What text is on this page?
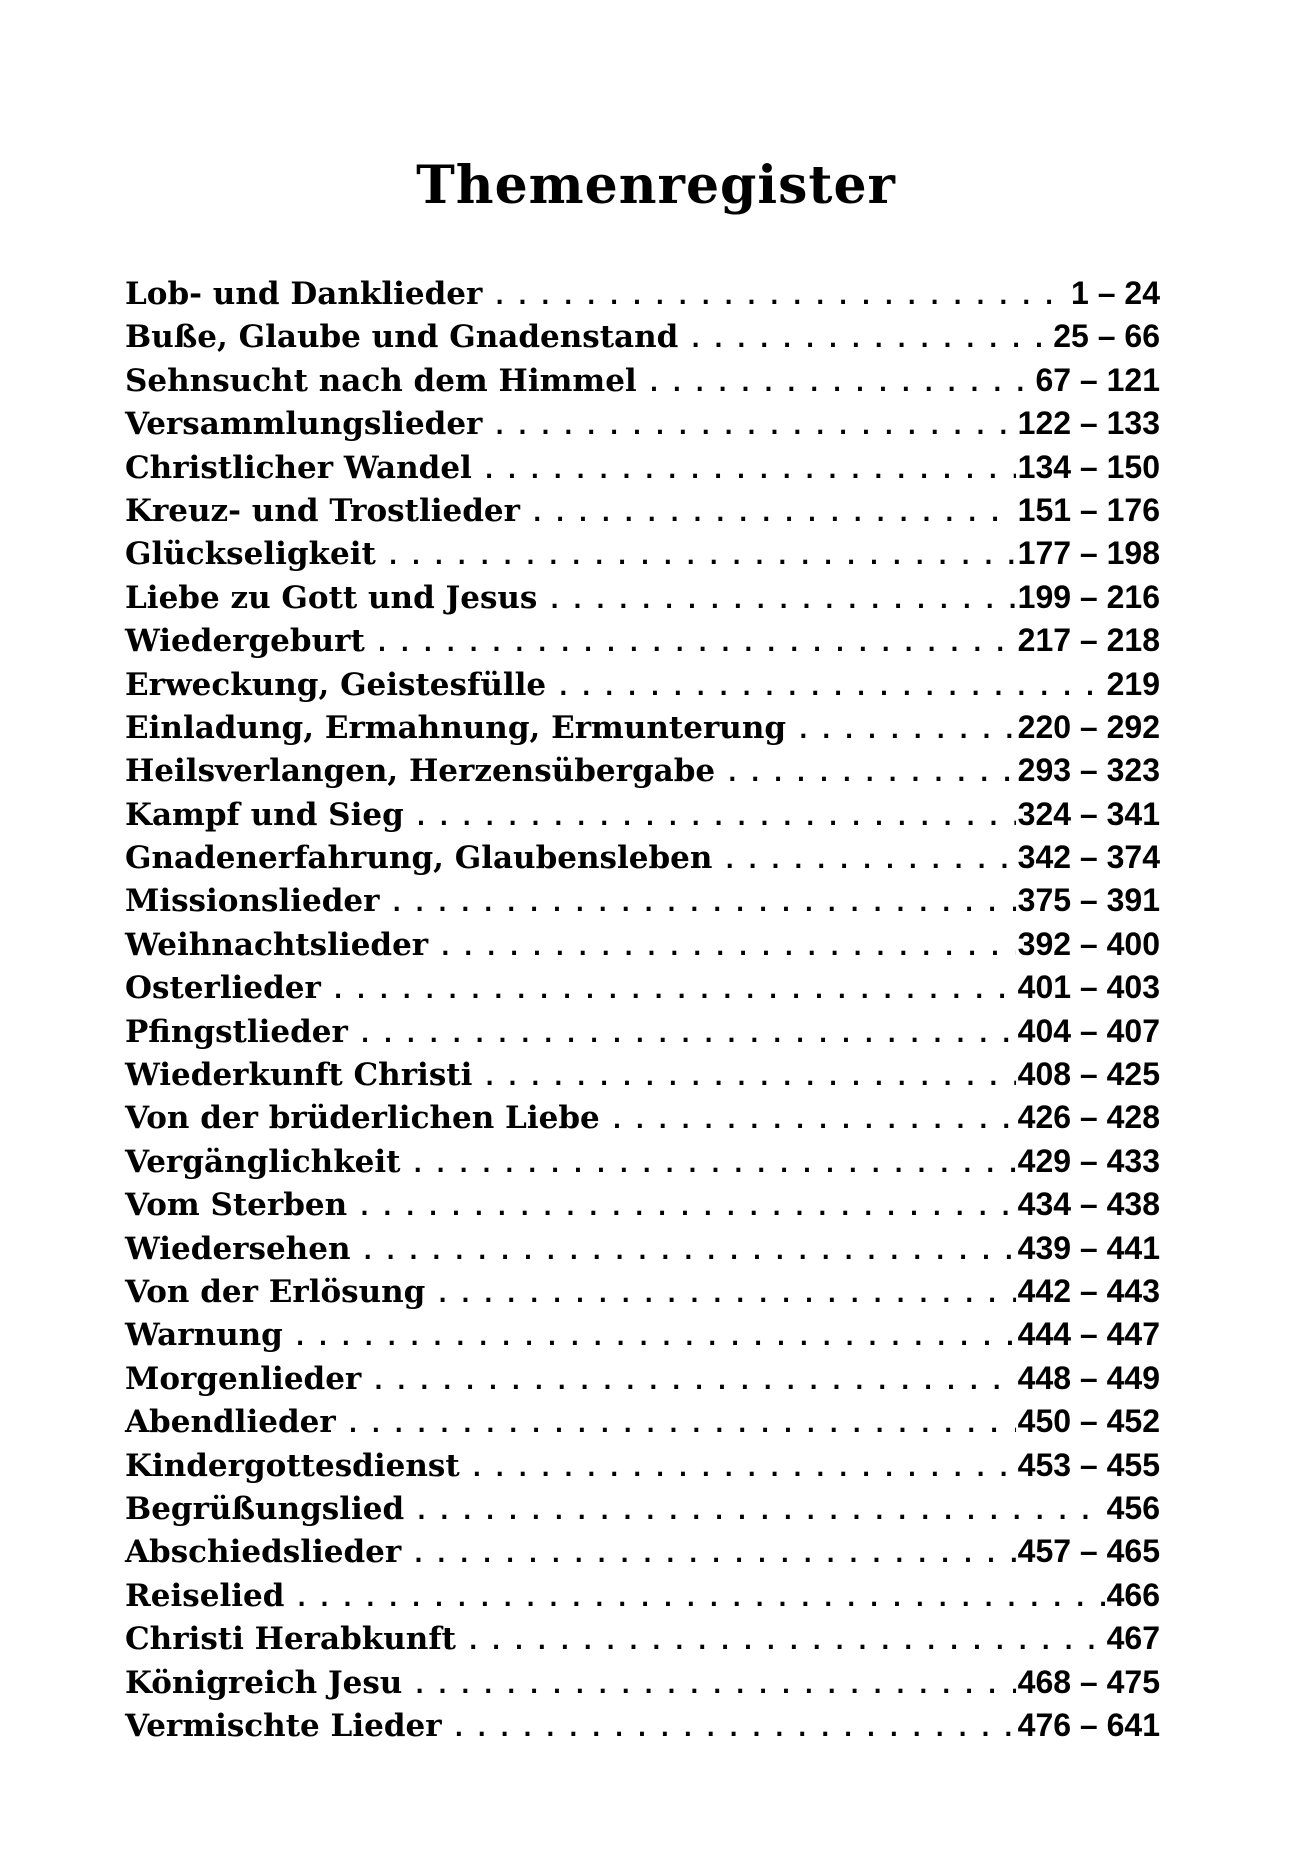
Themenregister
Lob- und Danklieder . . .	1 – 24
Buße, Glaube und Gnadenstand . . .	25 – 66
Sehnsucht nach dem Himmel . . .	67 – 121
Versammlungslieder . . .	122 – 133
Christlicher Wandel . . .	134 – 150
Kreuz- und Trostlieder . . .	151 – 176
Glückseligkeit . . .	177 – 198
Liebe zu Gott und Jesus . . .	199 – 216
Wiedergeburt . . .	217 – 218
Erweckung, Geistesfülle . . .	219
Einladung, Ermahnung, Ermunterung . . .	220 – 292
Heilsverlangen, Herzensübergabe . . .	293 – 323
Kampf und Sieg . . .	324 – 341
Gnadenerfahrung, Glaubensleben . . .	342 – 374
Missionslieder . . .	375 – 391
Weihnachtslieder . . .	392 – 400
Osterlieder . . .	401 – 403
Pfingstlieder . . .	404 – 407
Wiederkunft Christi . . .	408 – 425
Von der brüderlichen Liebe . . .	426 – 428
Vergänglichkeit . . .	429 – 433
Vom Sterben . . .	434 – 438
Wiedersehen . . .	439 – 441
Von der Erlösung . . .	442 – 443
Warnung . . .	444 – 447
Morgenlieder . . .	448 – 449
Abendlieder . . .	450 – 452
Kindergottesdienst . . .	453 – 455
Begrüßungslied . . .	456
Abschiedslieder . . .	457 – 465
Reiselied . . .	466
Christi Herabkunft . . .	467
Königreich Jesu . . .	468 – 475
Vermischte Lieder . . .	476 – 641
